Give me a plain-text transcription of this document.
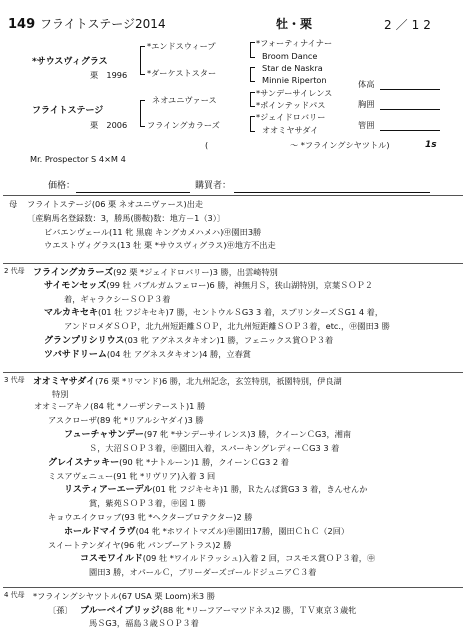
149 フライトステージ2014	牡・栗	2／12
*サウスヴィグラス
栗　1996
*エンドスウィープ
*ダーケストスター
*フォーティナイナー
Broom Dance
Star de Naskra
Minnie Riperton
フライトステージ
栗　2006
ネオユニヴァース
フライングカラーズ
*サンデーサイレンス
*ポインテッドパス
*ジェイドロバリー
オオミヤサダイ
(	～ *フライングシヤツトル)	1s
体高
胸囲
管囲
Mr. Prospector S 4×M 4
価格：	購買者：
母 フライトステージ(06 栗 ネオユニヴァース)出走
〔産駒馬名登録数：3，勝馬(勝鞍)数：地方－1（3）〕
ビバエンヴェール(11 牝 黒鹿 キングカメハメハ)㊥園田3勝
ウエストヴィグラス(13 牡 栗 *サウスヴィグラス)㊥地方不出走
2 代母 フライングカラーズ(92 栗 *ジェイドロバリー)3 勝，出雲崎特別
サイモンセッズ(99 牡 パブルガムフェロー)6 勝，神無月Ｓ，狭山湖特別，京葉ＳＯＰ２
着，ギャラクシーＳＯＰ３着
マルカキセキ(01 牡 フジキセキ)7 勝，セントウルＳG3 3 着，スプリンターズＳG1 4 着，
アンドロメダＳＯＰ，北九州短距離ＳＯＰ，北九州短距離ＳＯＰ３着，etc.，㊥園田3 勝
グランプリシリウス(03 牝 アグネスタキオン)1 勝，フェニックス賞ＯＰ３着
ツバサドリーム(04 牡 アグネスタキオン)4 勝，立春賞
3 代母 オオミヤサダイ(76 栗 *リマンド)6 勝，北九州記念，玄笠特別，祇園特別，伊良湖
特別
オオミーアキノ(84 牝 *ノーザンテースト)1 勝
アスクローザ(89 牝 *リアルシヤダイ)3 勝
フューチャサンデー(97 牝 *サンデーサイレンス)3 勝，クイーンＣG3，湘南
Ｓ，大沼ＳＯＰ３着，㊥園田入着，スパーキングレディーＣG3 3 着
グレイスナッキー(90 牝 *ナトルーン)1 勝，クイーンＣG3 2 着
ミスアヴェニュー(91 牝 *リヴリア)入着 3 回
リスティアーエーデル(01 牝 フジキセキ)1 勝，Ｒたんぱ賞G3 3 着，きんせんか
賞，紫苑ＳＯＰ３着，㊥図 1 勝
キョウエイクロッブ(93 牝 *ヘクタープロテクター)2 勝
ホールドマイラヴ(04 牝 *ホワイトマズル)㊥園田17勝，園田ＣｈＣ（2回）
スイートテンダイヤ(96 牝 パンプーアトラス)2 勝
コスモワイルド(09 牡 *ワイルドラッシュ)入着 2 回，コスモス賞ＯＰ３着，㊥
園田3 勝，オパールＣ，ブリーダーズゴールドジュニアＣ３着
4 代母 *フライングシヤツトル(67 USA 栗 Loom)米3 勝
〔孫〕 ブルーベイブリッジ(88 牝 *リーフアーマツドネス)2 勝，ＴＶ東京３歳牝
馬ＳG3，福島３歳ＳＯＰ３着
